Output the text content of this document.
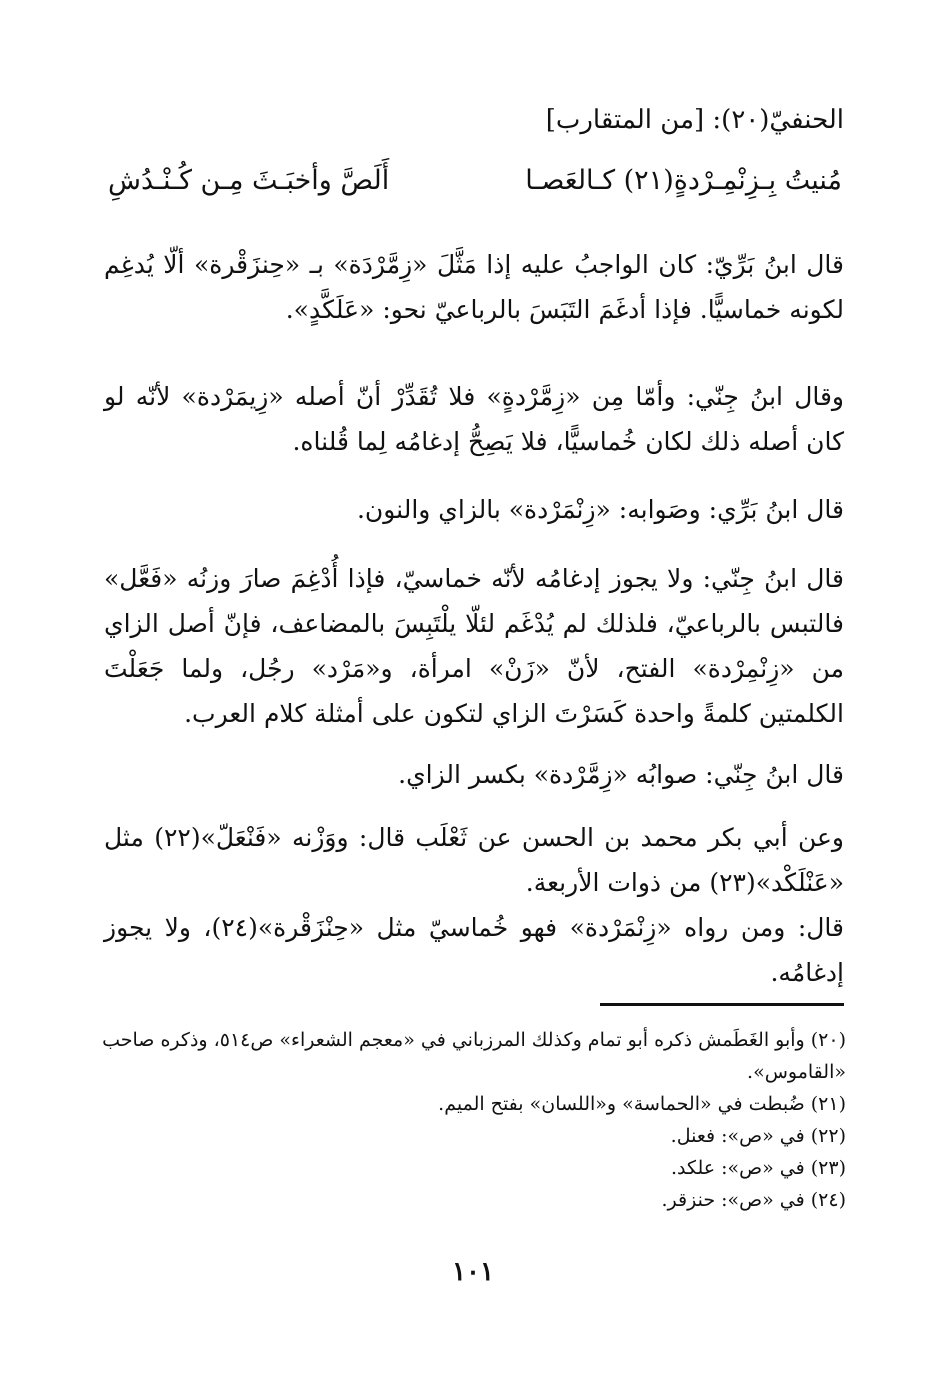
الحنفيّ(٢٠): [من المتقارب]
مُنيتُ بِـزِنْمِـرْدةٍ(٢١) كـالعَصـا
أَلَصَّ وأخبَـثَ مِـن كُـنْـدُشِ

قال ابنُ بَرِّيّ: كان الواجبُ عليه إذا مَثَّلَ «زِمَّرْدَة» بـ «حِنزَقْرة» ألّا يُدغِم لكونه خماسيًّا. فإذا أدغَمَ التَبَسَ بالرباعيّ نحو: «عَلَكَّدٍ».

وقال ابنُ جِنّي: وأمّا مِن «زِمَّرْدةٍ» فلا تُقَدِّرْ أنّ أصله «زِيمَرْدة» لأنّه لو كان أصله ذلك لكان خُماسيًّا، فلا يَصِحُّ إدغامُه لِما قُلناه.

قال ابنُ بَرِّي: وصَوابه: «زِنْمَرْدة» بالزاي والنون.

قال ابنُ جِنّي: ولا يجوز إدغامُه لأنّه خماسيّ، فإذا أُدْغِمَ صارَ وزنُه «فَعَّل» فالتبس بالرباعيّ، فلذلك لم يُدْغَم لئلّا يلْتَبِسَ بالمضاعف، فإنّ أصل الزاي من «زِنْمِرْدة» الفتح، لأنّ «زَنْ» امرأة، و«مَرْد» رجُل، ولما جَعَلْتَ الكلمتين كلمةً واحدة كَسَرْتَ الزاي لتكون على أمثلة كلام العرب.

قال ابنُ جِنّي: صوابُه «زِمَّرْدة» بكسر الزاي.

وعن أبي بكر محمد بن الحسن عن ثَعْلَب قال: ووَزْنه «فَنْعَلّ»(٢٢) مثل «عَنْلَكْد»(٢٣) من ذوات الأربعة.

قال: ومن رواه «زِنْمَرْدة» فهو خُماسيّ مثل «حِنْزَقْرة»(٢٤)، ولا يجوز إدغامُه.

(٢٠) وأبو الغَطَمش ذكره أبو تمام وكذلك المرزباني في «معجم الشعراء» ص٥١٤، وذكره صاحب «القاموس».
(٢١) ضُبطت في «الحماسة» و«اللسان» بفتح الميم.
(٢٢) في «ص»: فعنل.
(٢٣) في «ص»: علكد.
(٢٤) في «ص»: حنزقر.
١٠١
